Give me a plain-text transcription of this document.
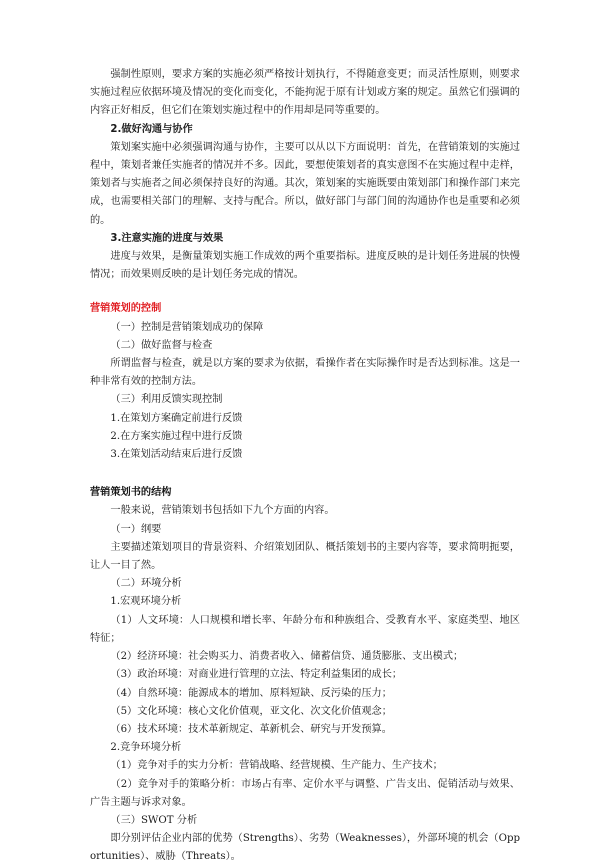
强制性原则，要求方案的实施必须严格按计划执行，不得随意变更；而灵活性原则，则要求实施过程应依据环境及情况的变化而变化，不能拘泥于原有计划或方案的规定。虽然它们强调的内容正好相反，但它们在策划实施过程中的作用却是同等重要的。

2.做好沟通与协作

策划案实施中必须强调沟通与协作，主要可以从以下方面说明：首先，在营销策划的实施过程中，策划者兼任实施者的情况并不多。因此，要想使策划者的真实意图不在实施过程中走样，策划者与实施者之间必须保持良好的沟通。其次，策划案的实施既要由策划部门和操作部门来完成，也需要相关部门的理解、支持与配合。所以，做好部门与部门间的沟通协作也是重要和必须的。

3.注意实施的进度与效果

进度与效果，是衡量策划实施工作成效的两个重要指标。进度反映的是计划任务进展的快慢情况；而效果则反映的是计划任务完成的情况。

营销策划的控制

（一）控制是营销策划成功的保障

（二）做好监督与检查

所谓监督与检查，就是以方案的要求为依据，看操作者在实际操作时是否达到标准。这是一种非常有效的控制方法。

（三）利用反馈实现控制

1.在策划方案确定前进行反馈

2.在方案实施过程中进行反馈

3.在策划活动结束后进行反馈

营销策划书的结构

一般来说，营销策划书包括如下九个方面的内容。

（一）纲要

主要描述策划项目的背景资料、介绍策划团队、概括策划书的主要内容等，要求简明扼要，让人一目了然。

（二）环境分析

1.宏观环境分析

（1）人文环境：人口规模和增长率、年龄分布和种族组合、受教育水平、家庭类型、地区特征；

（2）经济环境：社会购买力、消费者收入、储蓄信贷、通货膨胀、支出模式；

（3）政治环境：对商业进行管理的立法、特定利益集团的成长；

（4）自然环境：能源成本的增加、原料短缺、反污染的压力；

（5）文化环境：核心文化价值观，亚文化、次文化价值观念；

（6）技术环境：技术革新规定、革新机会、研究与开发预算。

2.竞争环境分析

（1）竞争对手的实力分析：营销战略、经营规模、生产能力、生产技术；

（2）竞争对手的策略分析：市场占有率、定价水平与调整、广告支出、促销活动与效果、广告主题与诉求对象。

（三）SWOT 分析

即分别评估企业内部的优势（Strengths）、劣势（Weaknesses），外部环境的机会（Opportunities）、威胁（Threats）。
